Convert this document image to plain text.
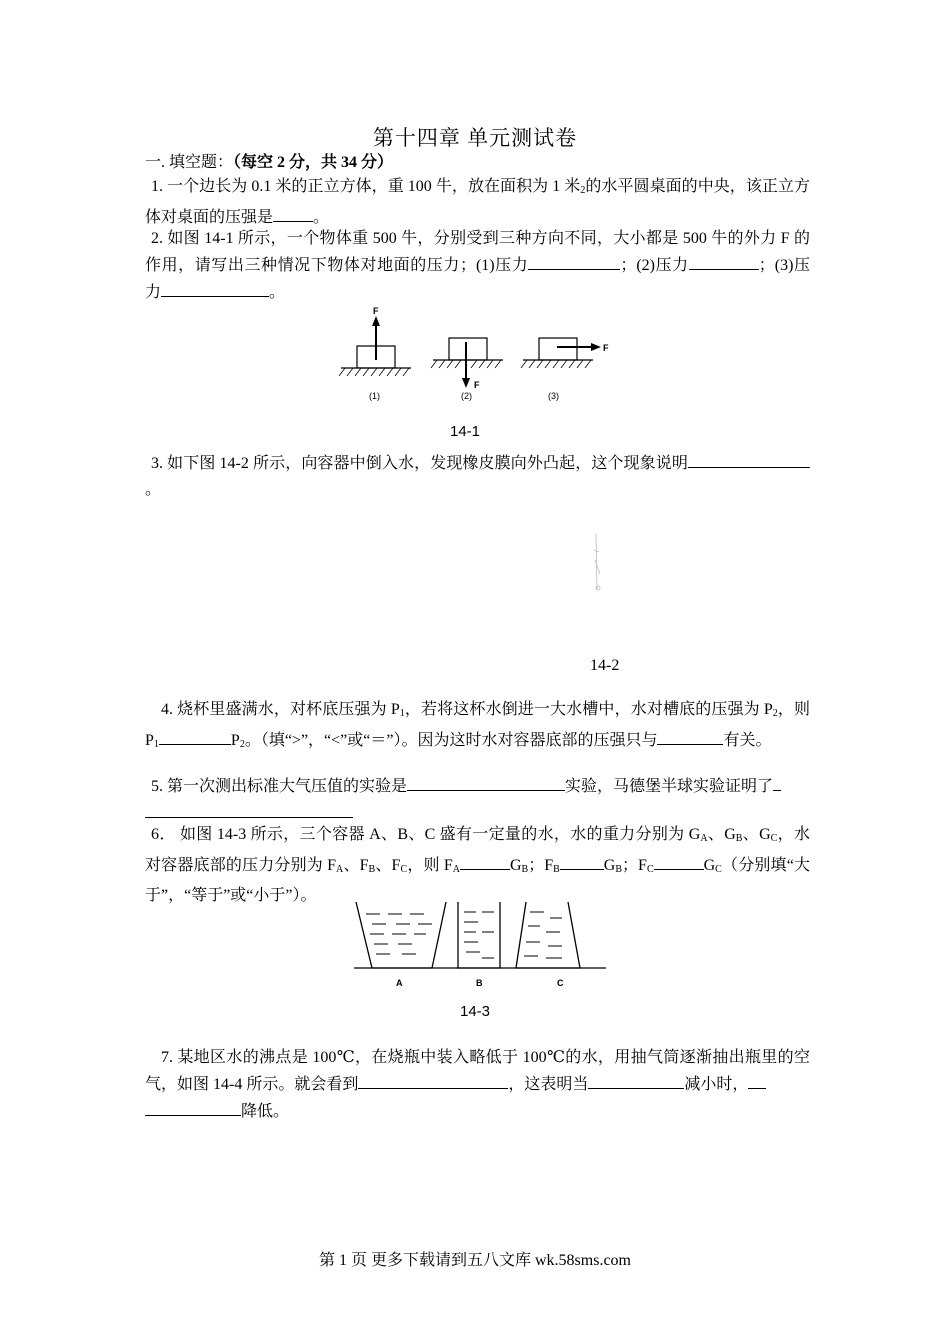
第十四章 单元测试卷
一. 填空题：（每空 2 分，共 34 分）
1. 一个边长为 0.1 米的正立方体，重 100 牛，放在面积为 1 米$_2$的水平圆桌面的中央，该正立方体对桌面的压强是	。
2. 如图 14-1 所示，一个物体重 500 牛，分别受到三种方向不同，大小都是 500 牛的外力 F 的作用，请写出三种情况下物体对地面的压力；(1)压力	；(2)压力	；(3)压力	。
F
F
F
(1)	(2)	(3)
14-1
3. 如下图 14-2 所示，向容器中倒入水，发现橡皮膜向外凸起，这个现象说明。
14-2
4. 烧杯里盛满水，对杯底压强为 $P_1$，若将这杯水倒进一大水槽中，水对槽底的压强为 $P_2$，则 $P_1$	$P_2$。（填“>”，“<”或“＝”）。因为这时水对容器底部的压强只与	有关。
5. 第一次测出标准大气压值的实验是	实验，马德堡半球实验证明了

6． 如图 14-3 所示，三个容器 A、B、C 盛有一定量的水，水的重力分别为 $G_A$、$G_B$、$G_C$，水对容器底部的压力分别为 $F_A$、$F_B$、$F_C$，则 $F_A$	$G_B$；$F_B$	$G_B$；$F_C$	$G_C$（分别填“大于”，“等于”或“小于”）。
A	B	C
14-3
7. 某地区水的沸点是 100℃，在烧瓶中装入略低于 100℃的水，用抽气筒逐渐抽出瓶里的空气，如图 14-4 所示。就会看到	，这表明当	减小时，
降低。
第 1 页 更多下载请到五八文库 wk.58sms.com
